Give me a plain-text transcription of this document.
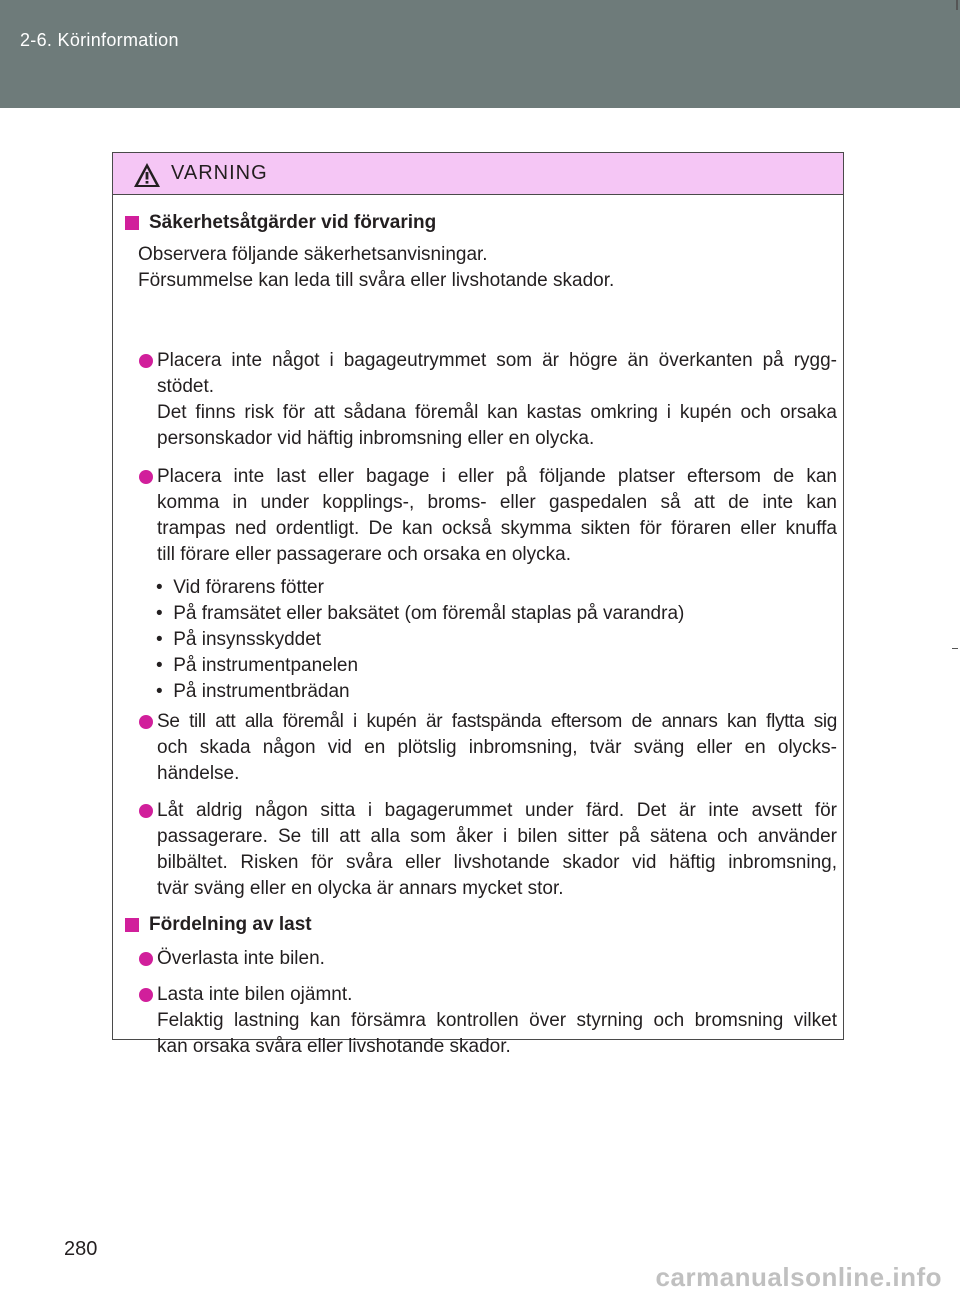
2-6. Körinformation
VARNING
Säkerhetsåtgärder vid förvaring
Observera följande säkerhetsanvisningar.
Försummelse kan leda till svåra eller livshotande skador.
Placera inte något i bagageutrymmet som är högre än överkanten på rygg-
stödet.
Det finns risk för att sådana föremål kan kastas omkring i kupén och orsaka
personskador vid häftig inbromsning eller en olycka.
Placera inte last eller bagage i eller på följande platser eftersom de kan
komma in under kopplings-, broms- eller gaspedalen så att de inte kan
trampas ned ordentligt. De kan också skymma sikten för föraren eller knuffa
till förare eller passagerare och orsaka en olycka.
•  Vid förarens fötter
•  På framsätet eller baksätet (om föremål staplas på varandra)
•  På insynsskyddet
•  På instrumentpanelen
•  På instrumentbrädan
Se till att alla föremål i kupén är fastspända eftersom de annars kan flytta sig
och skada någon vid en plötslig inbromsning, tvär sväng eller en olycks-
händelse.
Låt aldrig någon sitta i bagagerummet under färd. Det är inte avsett för
passagerare. Se till att alla som åker i bilen sitter på sätena och använder
bilbältet. Risken för svåra eller livshotande skador vid häftig inbromsning,
tvär sväng eller en olycka är annars mycket stor.
Fördelning av last
Överlasta inte bilen.
Lasta inte bilen ojämnt.
Felaktig lastning kan försämra kontrollen över styrning och bromsning vilket
kan orsaka svåra eller livshotande skador.
280
carmanualsonline.info
